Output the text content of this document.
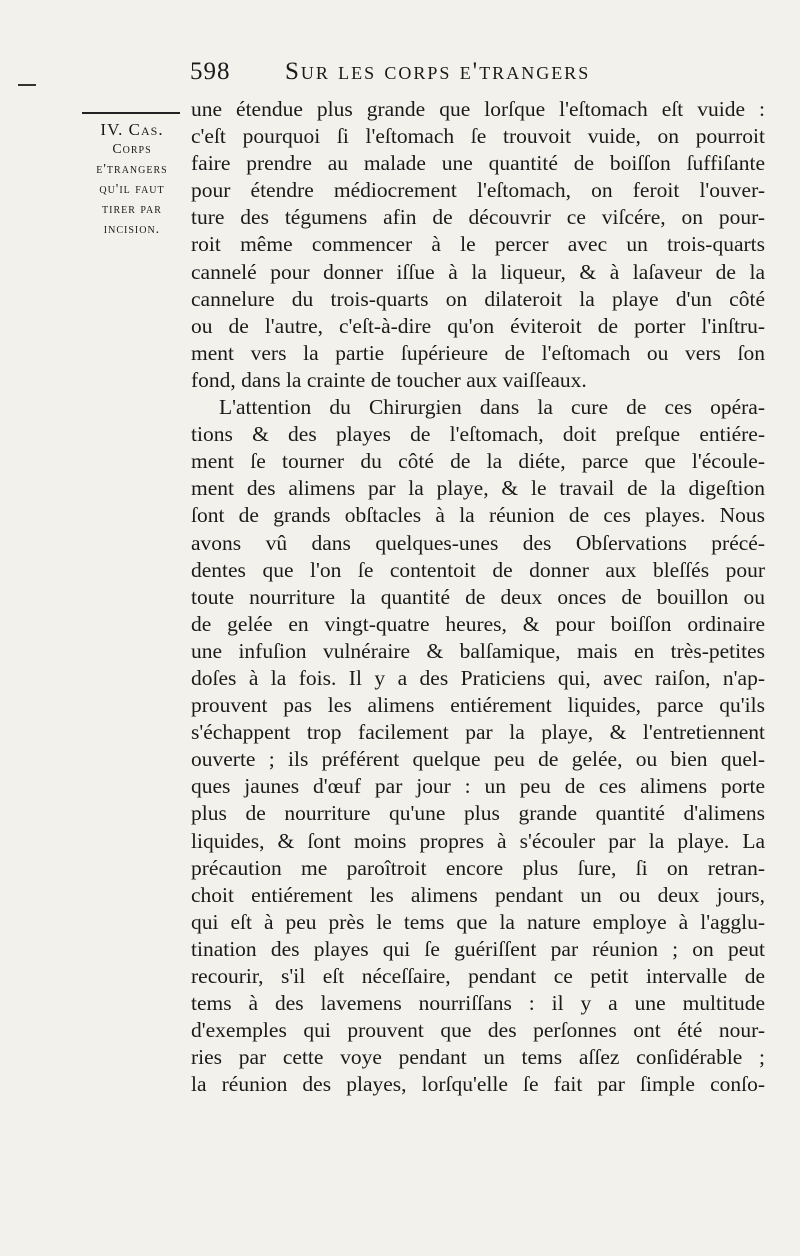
598 Sur les corps e'trangers
IV. Cas.
Corps
e'trangers
qu'il faut
tirer par
incision.
une étendue plus grande que lorſque l'eſtomach eſt vuide :
c'eſt pourquoi ſi l'eſtomach ſe trouvoit vuide, on pourroit
faire prendre au malade une quantité de boiſſon ſuffiſante
pour étendre médiocrement l'eſtomach, on feroit l'ouver-
ture des tégumens afin de découvrir ce viſcére, on pour-
roit même commencer à le percer avec un trois-quarts
cannelé pour donner iſſue à la liqueur, & à laſaveur de la
cannelure du trois-quarts on dilateroit la playe d'un côté
ou de l'autre, c'eſt-à-dire qu'on éviteroit de porter l'inſtru-
ment vers la partie ſupérieure de l'eſtomach ou vers ſon
fond, dans la crainte de toucher aux vaiſſeaux.
L'attention du Chirurgien dans la cure de ces opéra-
tions & des playes de l'eſtomach, doit preſque entiére-
ment ſe tourner du côté de la diéte, parce que l'écoule-
ment des alimens par la playe, & le travail de la digeſtion
ſont de grands obſtacles à la réunion de ces playes. Nous
avons vû dans quelques-unes des Obſervations précé-
dentes que l'on ſe contentoit de donner aux bleſſés pour
toute nourriture la quantité de deux onces de bouillon ou
de gelée en vingt-quatre heures, & pour boiſſon ordinaire
une infuſion vulnéraire & balſamique, mais en très-petites
doſes à la fois. Il y a des Praticiens qui, avec raiſon, n'ap-
prouvent pas les alimens entiérement liquides, parce qu'ils
s'échappent trop facilement par la playe, & l'entretiennent
ouverte ; ils préférent quelque peu de gelée, ou bien quel-
ques jaunes d'œuf par jour : un peu de ces alimens porte
plus de nourriture qu'une plus grande quantité d'alimens
liquides, & ſont moins propres à s'écouler par la playe. La
précaution me paroîtroit encore plus ſure, ſi on retran-
choit entiérement les alimens pendant un ou deux jours,
qui eſt à peu près le tems que la nature employe à l'agglu-
tination des playes qui ſe guériſſent par réunion ; on peut
recourir, s'il eſt néceſſaire, pendant ce petit intervalle de
tems à des lavemens nourriſſans : il y a une multitude
d'exemples qui prouvent que des perſonnes ont été nour-
ries par cette voye pendant un tems aſſez conſidérable ;
la réunion des playes, lorſqu'elle ſe fait par ſimple conſo-
